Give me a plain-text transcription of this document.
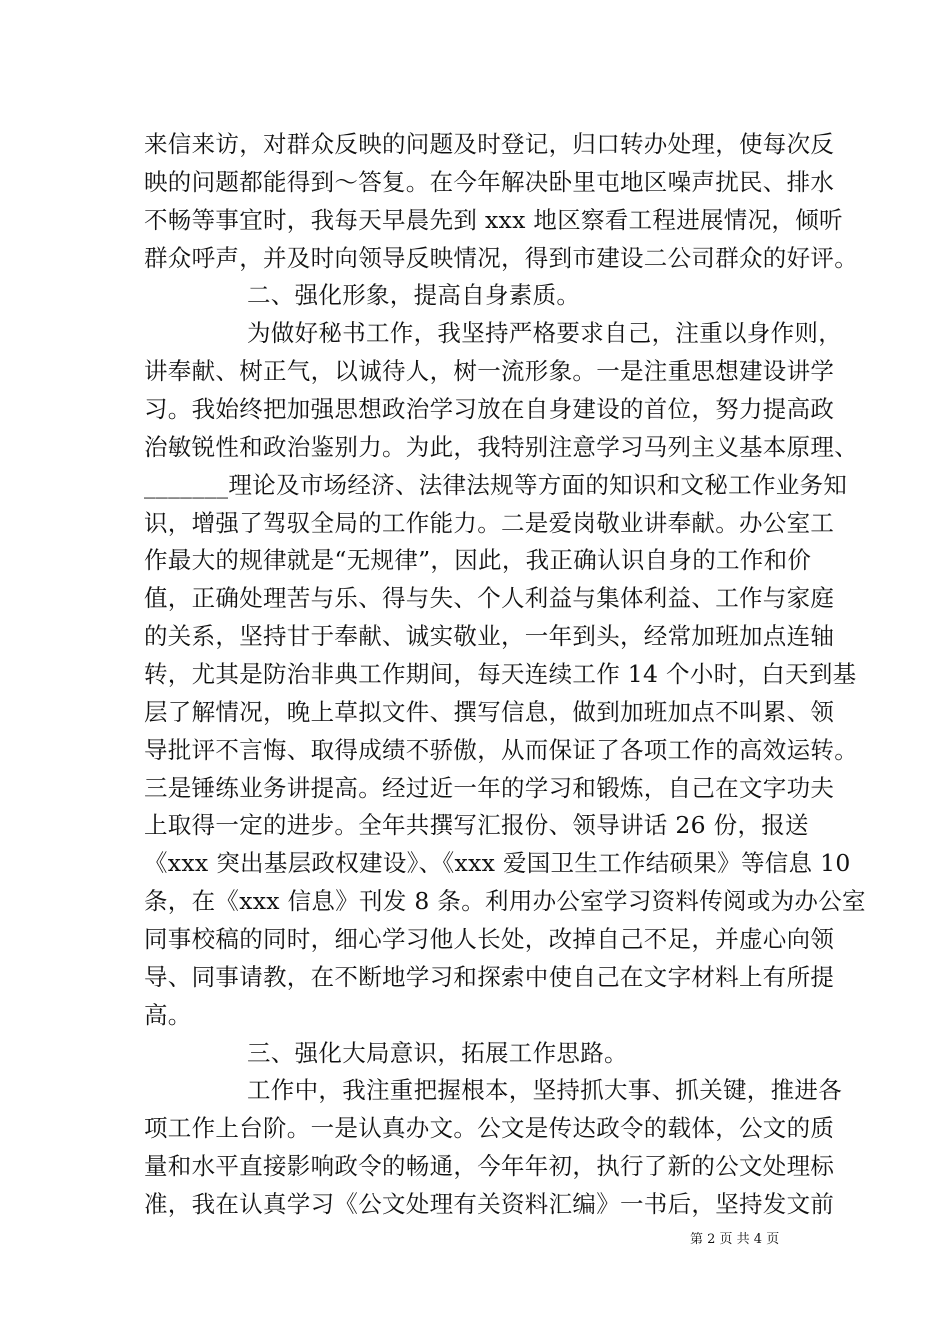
来信来访，对群众反映的问题及时登记，归口转办处理，使每次反
映的问题都能得到～答复。在今年解决卧里屯地区噪声扰民、排水
不畅等事宜时，我每天早晨先到 xxx 地区察看工程进展情况，倾听
群众呼声，并及时向领导反映情况，得到市建设二公司群众的好评。
二、强化形象，提高自身素质。
为做好秘书工作，我坚持严格要求自己，注重以身作则，
讲奉献、树正气，以诚待人，树一流形象。一是注重思想建设讲学
习。我始终把加强思想政治学习放在自身建设的首位，努力提高政
治敏锐性和政治鉴别力。为此，我特别注意学习马列主义基本原理、
_______理论及市场经济、法律法规等方面的知识和文秘工作业务知
识，增强了驾驭全局的工作能力。二是爱岗敬业讲奉献。办公室工
作最大的规律就是“无规律”，因此，我正确认识自身的工作和价
值，正确处理苦与乐、得与失、个人利益与集体利益、工作与家庭
的关系，坚持甘于奉献、诚实敬业，一年到头，经常加班加点连轴
转，尤其是防治非典工作期间，每天连续工作 14 个小时，白天到基
层了解情况，晚上草拟文件、撰写信息，做到加班加点不叫累、领
导批评不言悔、取得成绩不骄傲，从而保证了各项工作的高效运转。
三是锤练业务讲提高。经过近一年的学习和锻炼，自己在文字功夫
上取得一定的进步。全年共撰写汇报份、领导讲话 26 份，报送
《xxx 突出基层政权建设》、《xxx 爱国卫生工作结硕果》等信息 10
条，在《xxx 信息》刊发 8 条。利用办公室学习资料传阅或为办公室
同事校稿的同时，细心学习他人长处，改掉自己不足，并虚心向领
导、同事请教，在不断地学习和探索中使自己在文字材料上有所提
高。
三、强化大局意识，拓展工作思路。
工作中，我注重把握根本，坚持抓大事、抓关键，推进各
项工作上台阶。一是认真办文。公文是传达政令的载体，公文的质
量和水平直接影响政令的畅通，今年年初，执行了新的公文处理标
准，我在认真学习《公文处理有关资料汇编》一书后，坚持发文前
第 2 页 共 4 页
